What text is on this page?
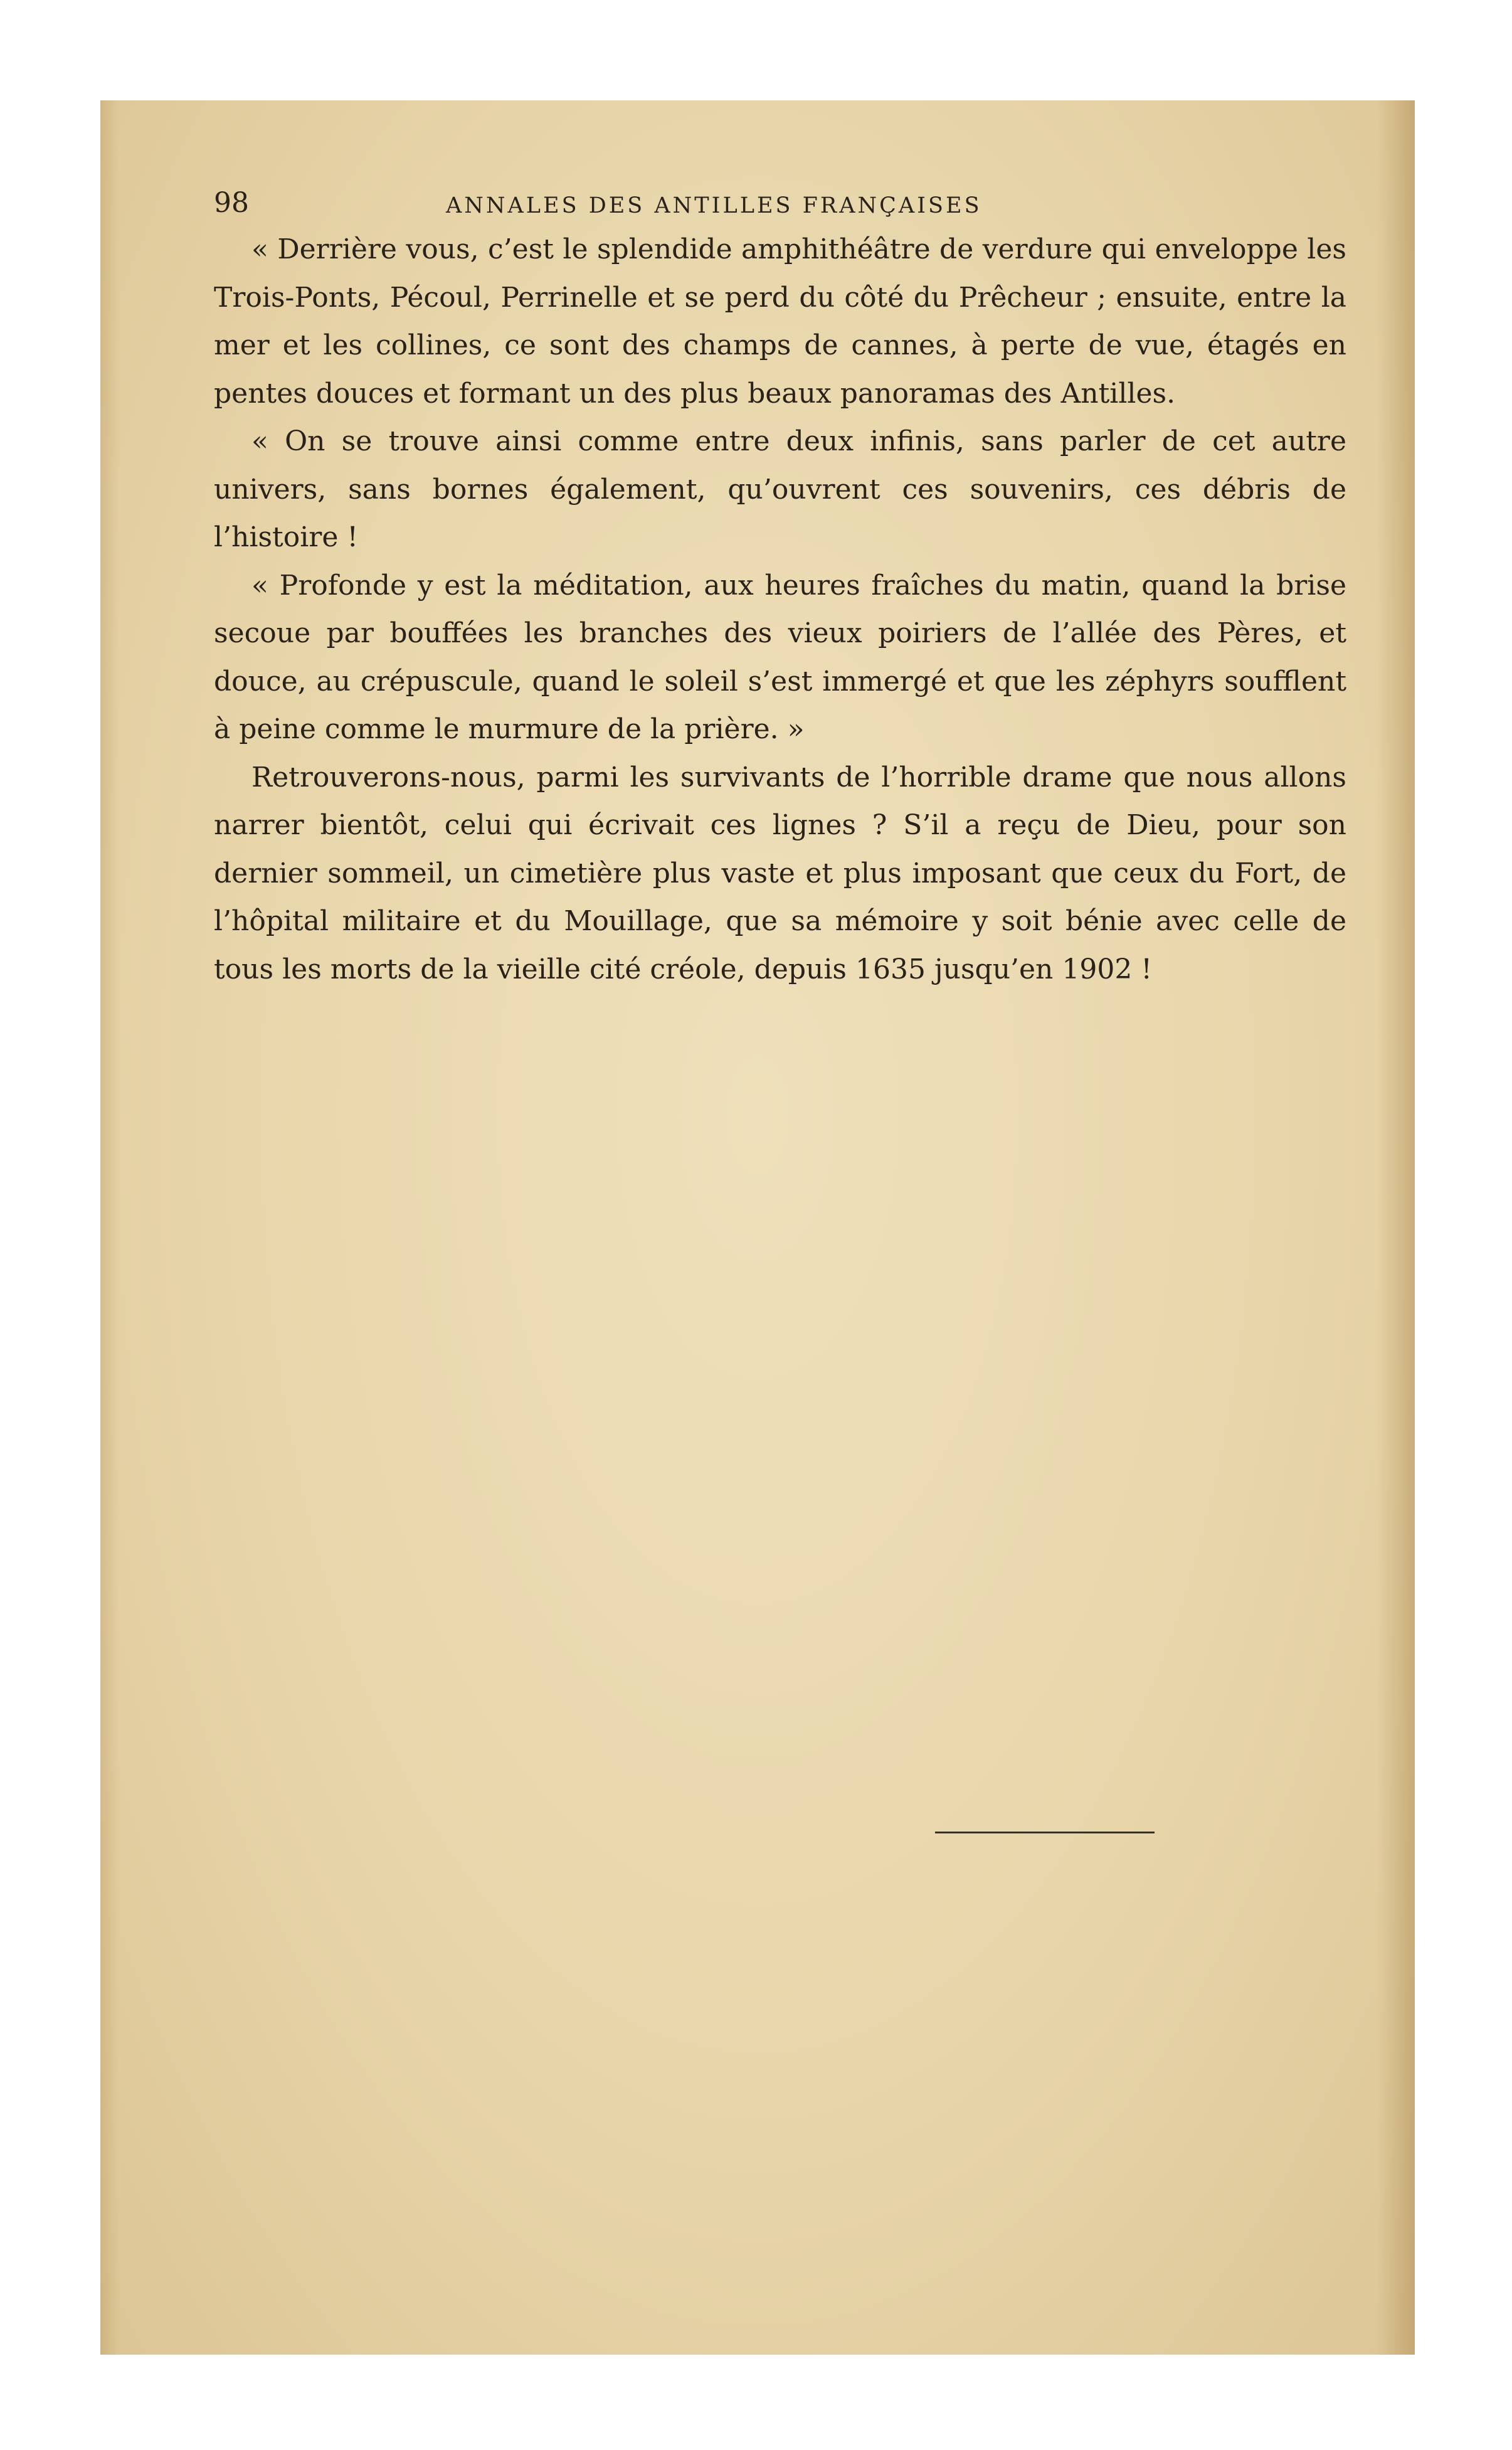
98	ANNALES DES ANTILLES FRANÇAISES

« Derrière vous, c’est le splendide amphithéâtre de verdure qui enveloppe les Trois-Ponts, Pécoul, Perrinelle et se perd du côté du Prêcheur ; ensuite, entre la mer et les collines, ce sont des champs de cannes, à perte de vue, étagés en pentes douces et formant un des plus beaux panoramas des Antilles.

« On se trouve ainsi comme entre deux infinis, sans parler de cet autre univers, sans bornes également, qu’ouvrent ces souvenirs, ces débris de l’histoire !

« Profonde y est la méditation, aux heures fraîches du matin, quand la brise secoue par bouffées les branches des vieux poiriers de l’allée des Pères, et douce, au crépuscule, quand le soleil s’est immergé et que les zéphyrs soufflent à peine comme le murmure de la prière. »

Retrouverons-nous, parmi les survivants de l’horrible drame que nous allons narrer bientôt, celui qui écrivait ces lignes ? S’il a reçu de Dieu, pour son dernier sommeil, un cimetière plus vaste et plus imposant que ceux du Fort, de l’hôpital militaire et du Mouillage, que sa mémoire y soit bénie avec celle de tous les morts de la vieille cité créole, depuis 1635 jusqu’en 1902 !
